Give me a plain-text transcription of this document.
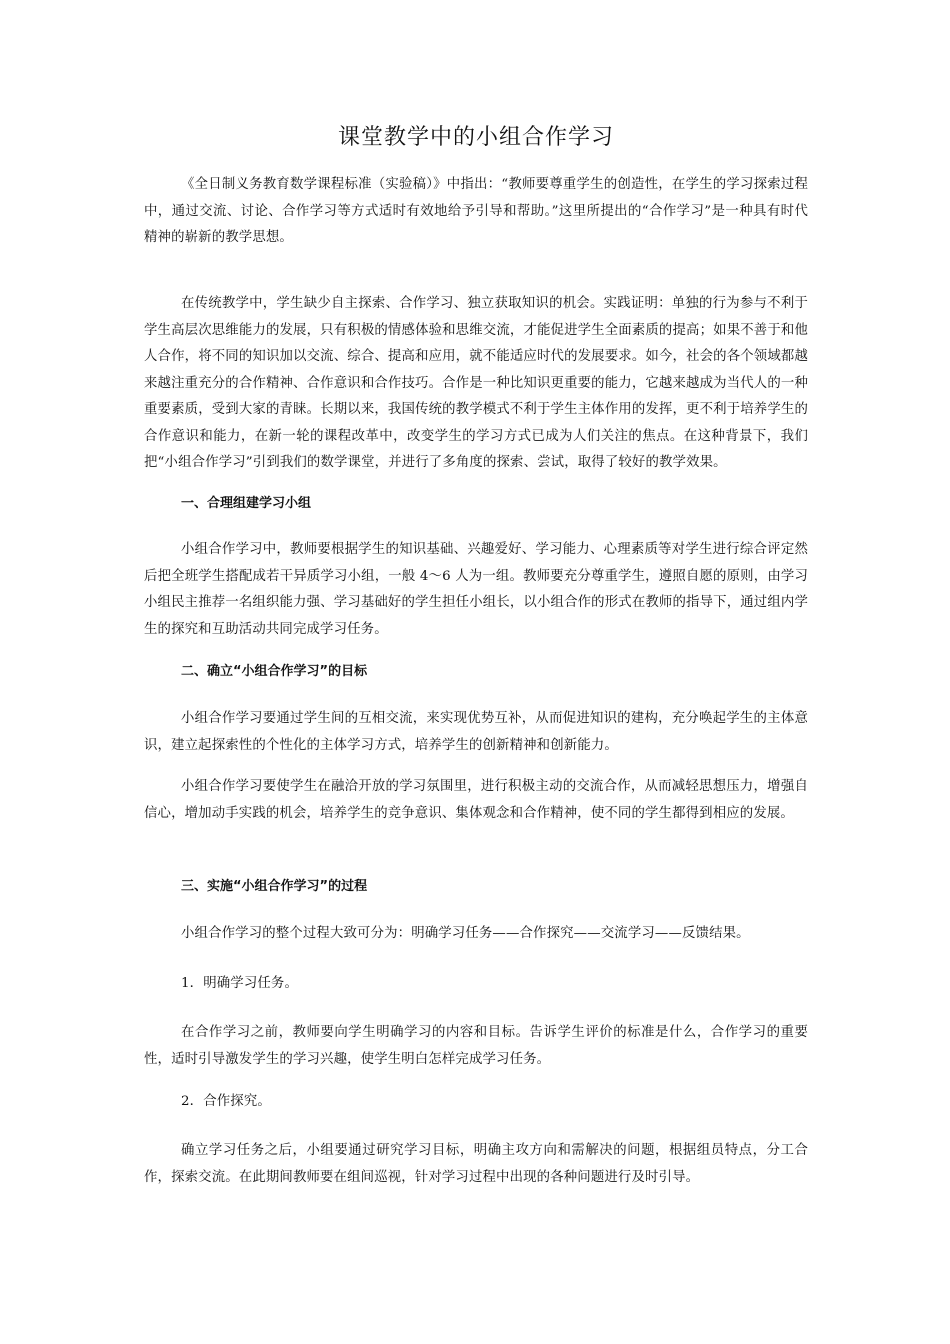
课堂教学中的小组合作学习

《全日制义务教育数学课程标准（实验稿）》中指出：“教师要尊重学生的创造性，在学生的学习探索过程中，通过交流、讨论、合作学习等方式适时有效地给予引导和帮助。”这里所提出的“合作学习”是一种具有时代精神的崭新的教学思想。

在传统教学中，学生缺少自主探索、合作学习、独立获取知识的机会。实践证明：单独的行为参与不利于学生高层次思维能力的发展，只有积极的情感体验和思维交流，才能促进学生全面素质的提高；如果不善于和他人合作，将不同的知识加以交流、综合、提高和应用，就不能适应时代的发展要求。如今，社会的各个领域都越来越注重充分的合作精神、合作意识和合作技巧。合作是一种比知识更重要的能力，它越来越成为当代人的一种重要素质，受到大家的青睐。长期以来，我国传统的教学模式不利于学生主体作用的发挥，更不利于培养学生的合作意识和能力，在新一轮的课程改革中，改变学生的学习方式已成为人们关注的焦点。在这种背景下，我们把“小组合作学习”引到我们的数学课堂，并进行了多角度的探索、尝试，取得了较好的教学效果。

一、合理组建学习小组

小组合作学习中，教师要根据学生的知识基础、兴趣爱好、学习能力、心理素质等对学生进行综合评定然后把全班学生搭配成若干异质学习小组，一般 4～6 人为一组。教师要充分尊重学生，遵照自愿的原则，由学习小组民主推荐一名组织能力强、学习基础好的学生担任小组长，以小组合作的形式在教师的指导下，通过组内学生的探究和互助活动共同完成学习任务。

二、确立“小组合作学习”的目标

小组合作学习要通过学生间的互相交流，来实现优势互补，从而促进知识的建构，充分唤起学生的主体意识，建立起探索性的个性化的主体学习方式，培养学生的创新精神和创新能力。

小组合作学习要使学生在融洽开放的学习氛围里，进行积极主动的交流合作，从而减轻思想压力，增强自信心，增加动手实践的机会，培养学生的竞争意识、集体观念和合作精神，使不同的学生都得到相应的发展。

三、实施“小组合作学习”的过程

小组合作学习的整个过程大致可分为：明确学习任务——合作探究——交流学习——反馈结果。

1．明确学习任务。

在合作学习之前，教师要向学生明确学习的内容和目标。告诉学生评价的标准是什么，合作学习的重要性，适时引导激发学生的学习兴趣，使学生明白怎样完成学习任务。

2．合作探究。

确立学习任务之后，小组要通过研究学习目标，明确主攻方向和需解决的问题，根据组员特点，分工合作，探索交流。在此期间教师要在组间巡视，针对学习过程中出现的各种问题进行及时引导。
